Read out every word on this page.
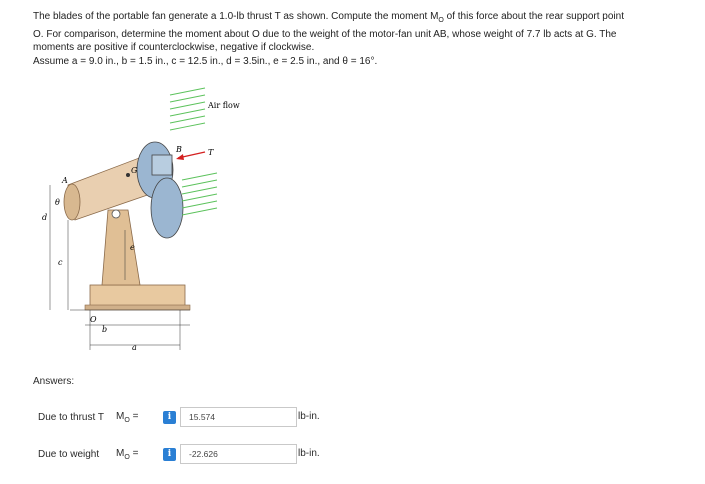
The blades of the portable fan generate a 1.0-lb thrust T as shown. Compute the moment $M_O$ of this force about the rear support point

O. For comparison, determine the moment about O due to the weight of the motor-fan unit AB, whose weight of 7.7 lb acts at G. The

moments are positive if counterclockwise, negative if clockwise.

Assume a = 9.0 in., b = 1.5 in., c = 12.5 in., d = 3.5in., e = 2.5 in., and θ = 16°.

Air flow
T
B
G
A
θ
d
c
e
O
b
a
Answers:
Due to thrust T	$M_O$ =	i	15.574	lb-in.
Due to weight	$M_O$ =	i	-22.626	lb-in.
